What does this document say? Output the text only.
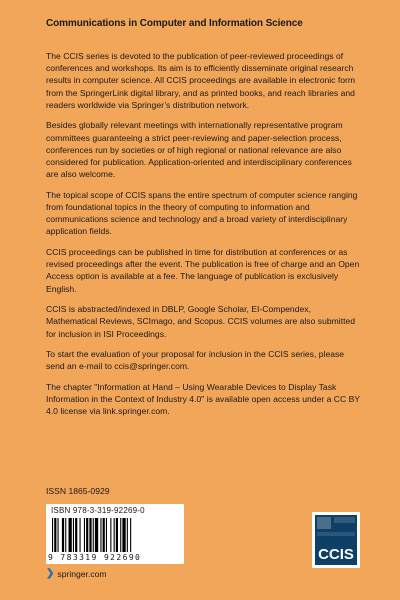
Communications in Computer and Information Science

The CCIS series is devoted to the publication of peer-reviewed proceedings of conferences and workshops. Its aim is to efficiently disseminate original research results in computer science. All CCIS proceedings are available in electronic form from the SpringerLink digital library, and as printed books, and reach libraries and readers worldwide via Springer’s distribution network.

Besides globally relevant meetings with internationally representative program committees guaranteeing a strict peer-reviewing and paper-selection process, conferences run by societies or of high regional or national relevance are also considered for publication. Application-oriented and interdisciplinary conferences are also welcome.

The topical scope of CCIS spans the entire spectrum of computer science ranging from foundational topics in the theory of computing to information and communications science and technology and a broad variety of interdisciplinary application fields.

CCIS proceedings can be published in time for distribution at conferences or as revised proceedings after the event. The publication is free of charge and an Open Access option is available at a fee. The language of publication is exclusively English.

CCIS is abstracted/indexed in DBLP, Google Scholar, EI-Compendex, Mathematical Reviews, SCImago, and Scopus. CCIS volumes are also submitted for inclusion in ISI Proceedings.

To start the evaluation of your proposal for inclusion in the CCIS series, please send an e-mail to ccis@springer.com.

The chapter "Information at Hand – Using Wearable Devices to Display Task Information in the Context of Industry 4.0" is available open access under a CC BY 4.0 license via link.springer.com.

ISSN 1865-0929
ISBN 978-3-319-92269-0
9 783319 922690	CCIS
❯ springer.com
